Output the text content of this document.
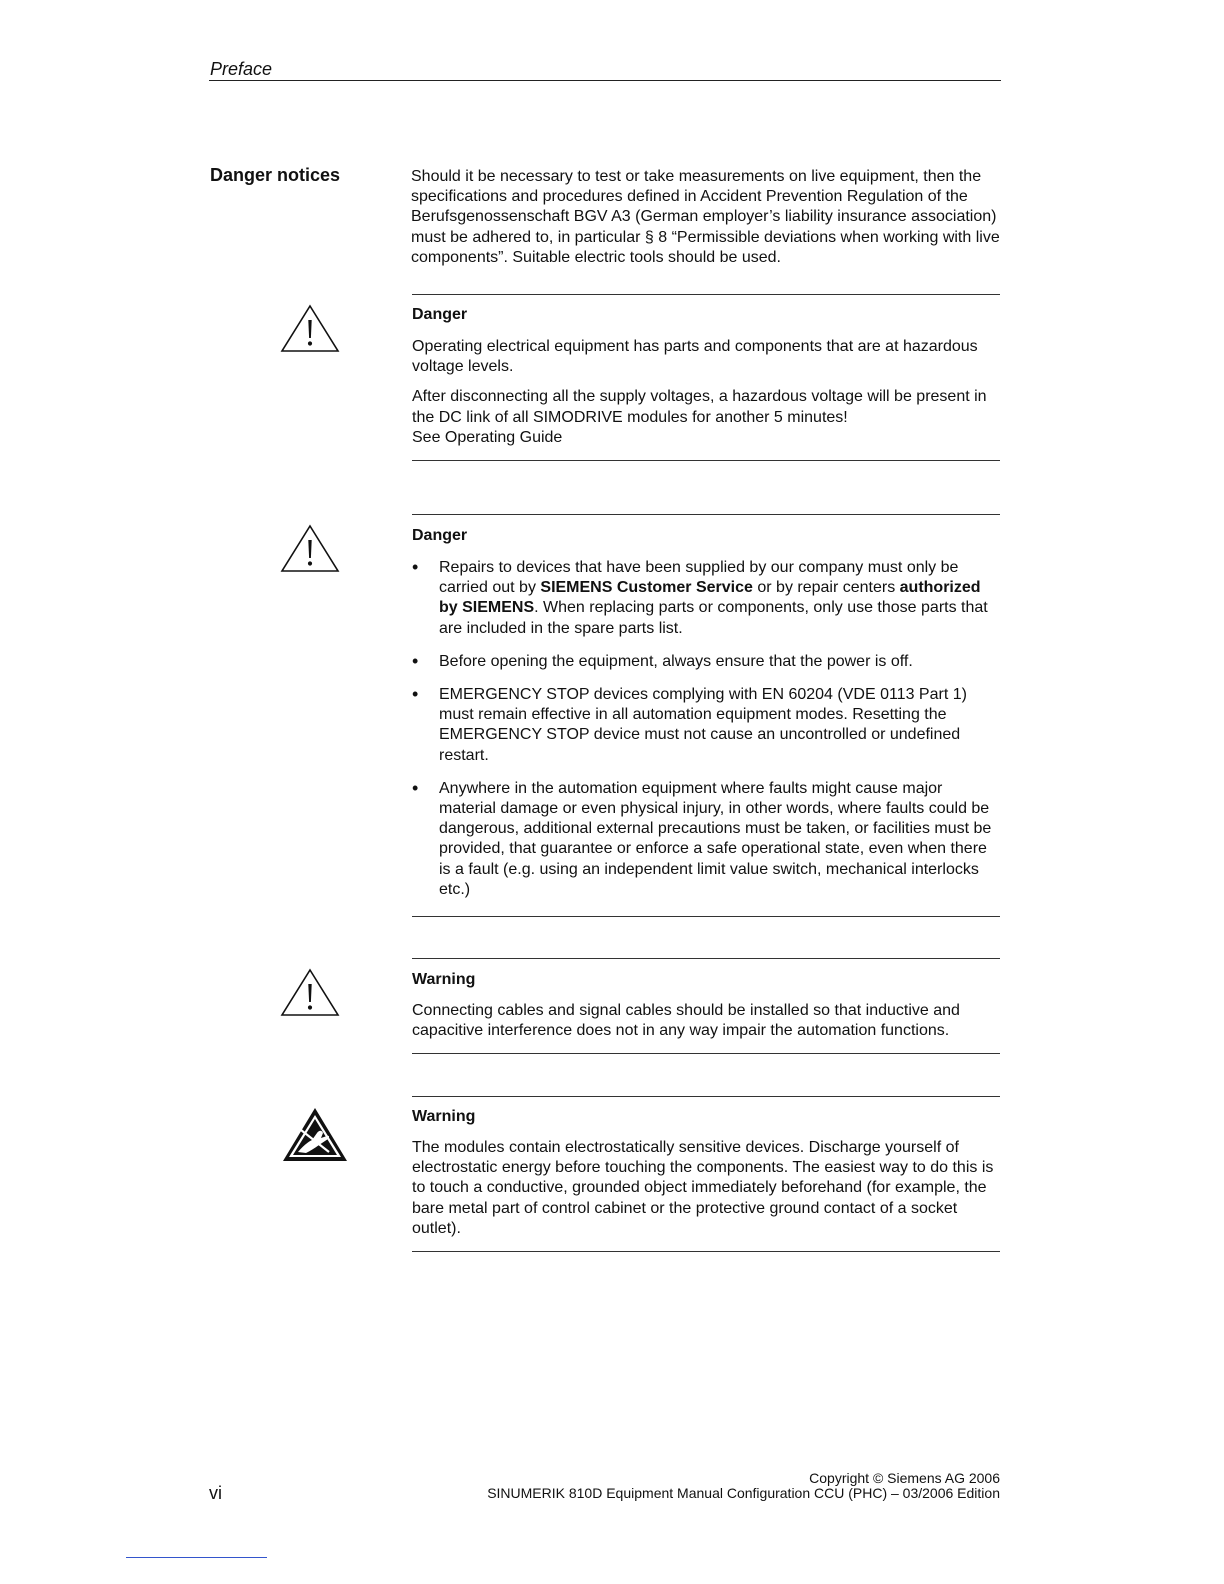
Preface
Danger notices	Should it be necessary to test or take measurements on live equipment, then the specifications and procedures defined in Accident Prevention Regulation of the Berufsgenossenschaft BGV A3 (German employer’s liability insurance association) must be adhered to, in particular § 8 “Permissible deviations when working with live components”. Suitable electric tools should be used.
Danger

Operating electrical equipment has parts and components that are at hazardous voltage levels.

After disconnecting all the supply voltages, a hazardous voltage will be present in the DC link of all SIMODRIVE modules for another 5 minutes!

See Operating Guide

Danger
• Repairs to devices that have been supplied by our company must only be carried out by SIEMENS Customer Service or by repair centers authorized by SIEMENS. When replacing parts or components, only use those parts that are included in the spare parts list.
• Before opening the equipment, always ensure that the power is off.
• EMERGENCY STOP devices complying with EN 60204 (VDE 0113 Part 1) must remain effective in all automation equipment modes. Resetting the EMERGENCY STOP device must not cause an uncontrolled or undefined restart.
• Anywhere in the automation equipment where faults might cause major material damage or even physical injury, in other words, where faults could be dangerous, additional external precautions must be taken, or facilities must be provided, that guarantee or enforce a safe operational state, even when there is a fault (e.g. using an independent limit value switch, mechanical interlocks etc.)
Warning

Connecting cables and signal cables should be installed so that inductive and capacitive interference does not in any way impair the automation functions.

Warning

The modules contain electrostatically sensitive devices. Discharge yourself of electrostatic energy before touching the components. The easiest way to do this is to touch a conductive, grounded object immediately beforehand (for example, the bare metal part of control cabinet or the protective ground contact of a socket outlet).

Copyright © Siemens AG 2006
SINUMERIK 810D Equipment Manual Configuration CCU (PHC) – 03/2006 Edition
vi
